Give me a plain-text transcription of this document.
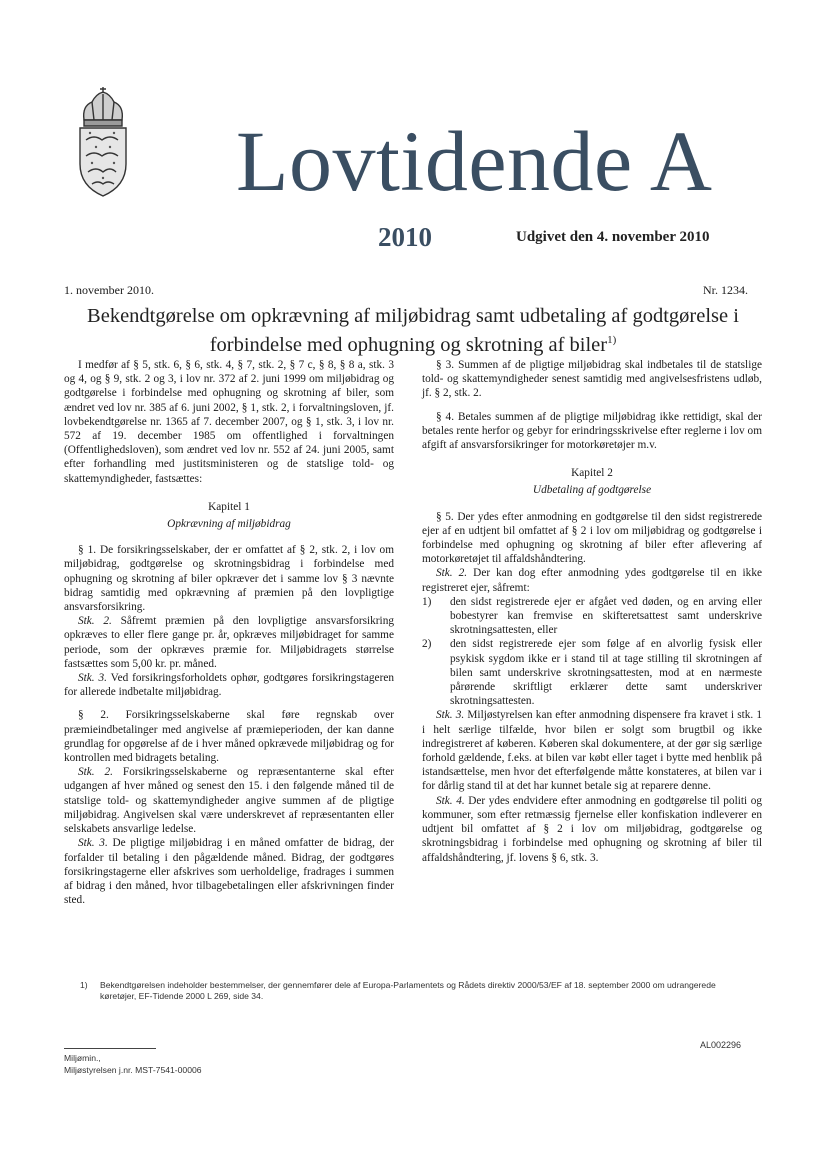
Lovtidende A
2010	Udgivet den 4. november 2010
1. november 2010.	Nr. 1234.
Bekendtgørelse om opkrævning af miljøbidrag samt udbetaling af godtgørelse i forbindelse med ophugning og skrotning af biler$^{1)}$

I medfør af § 5, stk. 6, § 6, stk. 4, § 7, stk. 2, § 7 c, § 8, § 8 a, stk. 3 og 4, og § 9, stk. 2 og 3, i lov nr. 372 af 2. juni 1999 om miljøbidrag og godtgørelse i forbindelse med ophugning og skrotning af biler, som ændret ved lov nr. 385 af 6. juni 2002, § 1, stk. 2, i forvaltningsloven, jf. lovbekendtgørelse nr. 1365 af 7. december 2007, og § 1, stk. 3, i lov nr. 572 af 19. december 1985 om offentlighed i forvaltningen (Offentlighedsloven), som ændret ved lov nr. 552 af 24. juni 2005, samt efter forhandling med justitsministeren og de statslige told- og skattemyndigheder, fastsættes:

Kapitel 1
Opkrævning af miljøbidrag

§ 1. De forsikringsselskaber, der er omfattet af § 2, stk. 2, i lov om miljøbidrag, godtgørelse og skrotningsbidrag i forbindelse med ophugning og skrotning af biler opkræver det i samme lov § 3 nævnte bidrag samtidig med opkrævning af præmien på den lovpligtige ansvarsforsikring.

Stk. 2. Såfremt præmien på den lovpligtige ansvarsforsikring opkræves to eller flere gange pr. år, opkræves miljøbidraget for samme periode, som der opkræves præmie for. Miljøbidragets størrelse fastsættes som 5,00 kr. pr. måned.

Stk. 3. Ved forsikringsforholdets ophør, godtgøres forsikringstageren for allerede indbetalte miljøbidrag.

§ 2. Forsikringsselskaberne skal føre regnskab over præmieindbetalinger med angivelse af præmieperioden, der kan danne grundlag for opgørelse af de i hver måned opkrævede miljøbidrag og for kontrollen med bidragets betaling.

Stk. 2. Forsikringsselskaberne og repræsentanterne skal efter udgangen af hver måned og senest den 15. i den følgende måned til de statslige told- og skattemyndigheder angive summen af de pligtige miljøbidrag. Angivelsen skal være underskrevet af repræsentanten eller selskabets ansvarlige ledelse.

Stk. 3. De pligtige miljøbidrag i en måned omfatter de bidrag, der forfalder til betaling i den pågældende måned. Bidrag, der godtgøres forsikringstagerne eller afskrives som uerholdelige, fradrages i summen af bidrag i den måned, hvor tilbagebetalingen eller afskrivningen finder sted.

§ 3. Summen af de pligtige miljøbidrag skal indbetales til de statslige told- og skattemyndigheder senest samtidig med angivelsesfristens udløb, jf. § 2, stk. 2.

§ 4. Betales summen af de pligtige miljøbidrag ikke rettidigt, skal der betales rente herfor og gebyr for erindringsskrivelse efter reglerne i lov om afgift af ansvarsforsikringer for motorkøretøjer m.v.

Kapitel 2
Udbetaling af godtgørelse

§ 5. Der ydes efter anmodning en godtgørelse til den sidst registrerede ejer af en udtjent bil omfattet af § 2 i lov om miljøbidrag og godtgørelse i forbindelse med ophugning og skrotning af biler efter aflevering af motorkøretøjet til affaldshåndtering.

Stk. 2. Der kan dog efter anmodning ydes godtgørelse til en ikke registreret ejer, såfremt:

1) den sidst registrerede ejer er afgået ved døden, og en arving eller bobestyrer kan fremvise en skifteretsattest samt underskrive skrotningsattesten, eller
2) den sidst registrerede ejer som følge af en alvorlig fysisk eller psykisk sygdom ikke er i stand til at tage stilling til skrotningen af bilen samt underskrive skrotningsattesten, mod at en nærmeste pårørende skriftligt erklærer dette samt underskriver skrotningsattesten.

Stk. 3. Miljøstyrelsen kan efter anmodning dispensere fra kravet i stk. 1 i helt særlige tilfælde, hvor bilen er solgt som brugtbil og ikke indregistreret af køberen. Køberen skal dokumentere, at der gør sig særlige forhold gældende, f.eks. at bilen var købt eller taget i bytte med henblik på istandsættelse, men hvor det efterfølgende måtte konstateres, at bilen var i for dårlig stand til at det har kunnet betale sig at reparere denne.

Stk. 4. Der ydes endvidere efter anmodning en godtgørelse til politi og kommuner, som efter retmæssig fjernelse eller konfiskation indleverer en udtjent bil omfattet af § 2 i lov om miljøbidrag, godtgørelse og skrotningsbidrag i forbindelse med ophugning og skrotning af biler til affaldshåndtering, jf. lovens § 6, stk. 3.

1)	Bekendtgørelsen indeholder bestemmelser, der gennemfører dele af Europa-Parlamentets og Rådets direktiv 2000/53/EF af 18. september 2000 om udrangerede køretøjer, EF-Tidende 2000 L 269, side 34.
AL002296
Miljømin.,
Miljøstyrelsen j.nr. MST-7541-00006
